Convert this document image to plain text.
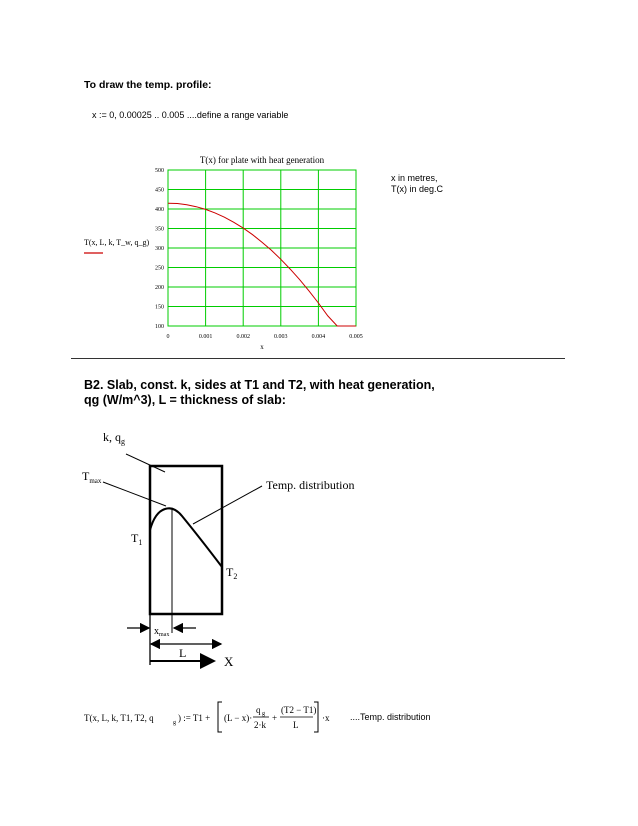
To draw the temp. profile:
x := 0, 0.00025 .. 0.005 ....define a range variable
T(x) for plate with heat generation
100
150
200
250
300
350
400
450
500
0	0.001	0.002	0.003	0.004	0.005
x
T(x, L, k, T_w, q_g)
x in metres,
T(x) in deg.C
B2. Slab, const. k, sides at T1 and T2, with heat generation,
qg (W/m^3), L = thickness of slab:
k, $q_g$
$T_{max}$	Temp. distribution
$T_1$
$T_2$
$x_{max}$
L
X
T(x, L, k, T1, T2, q	g ) := T1 + (L − x)·
q g
2·k
+
(T2 − T1)
L
·x ....Temp. distribution
